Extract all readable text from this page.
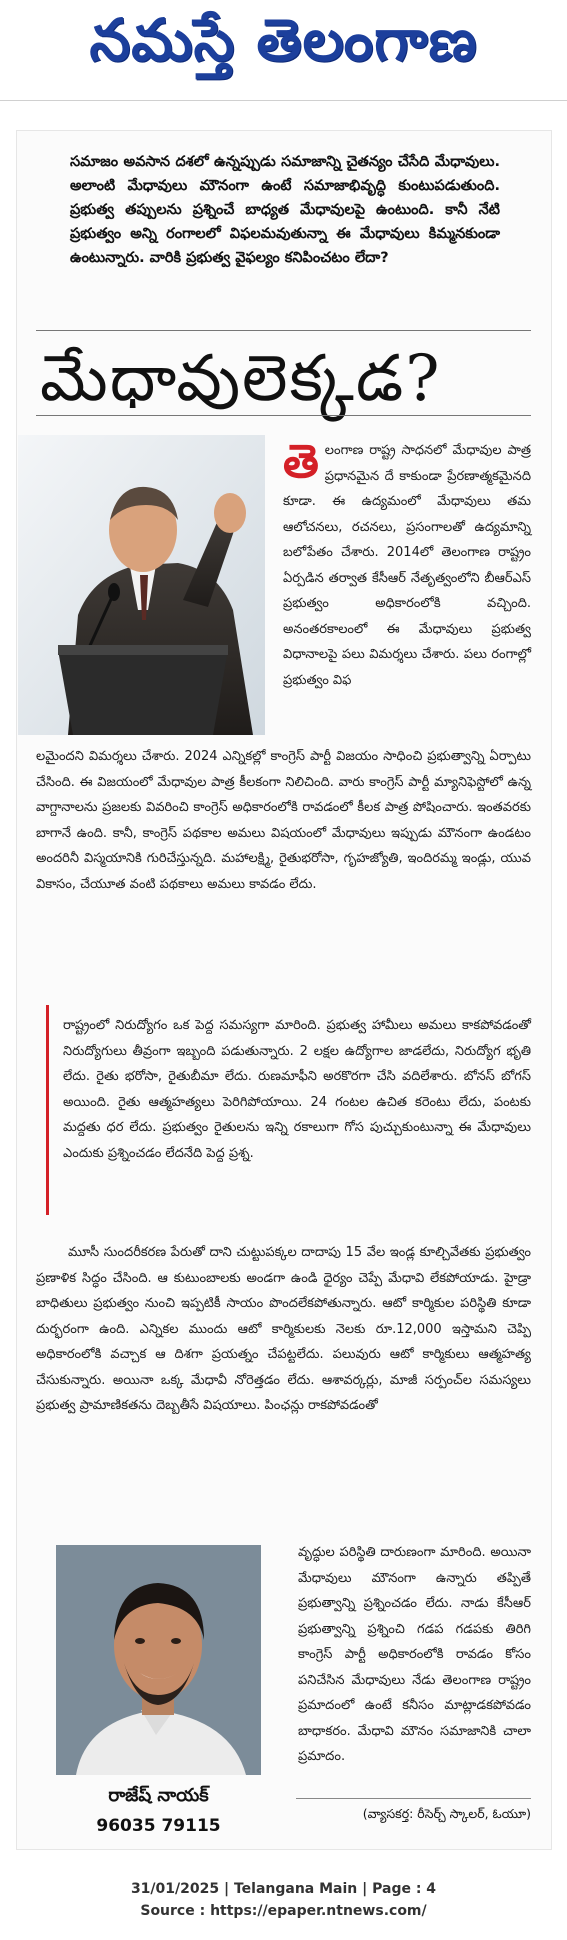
నమస్తే తెలంగాణ
సమాజం అవసాన దశలో ఉన్నప్పుడు సమాజాన్ని చైతన్యం చేసేది మేధావులు. అలాంటి మేధావులు మౌనంగా ఉంటే సమాజాభివృద్ధి కుంటుపడుతుంది. ప్రభుత్వ తప్పులను ప్రశ్నించే బాధ్యత మేధావులపై ఉంటుంది. కానీ నేటి ప్రభుత్వం అన్ని రంగాలలో విఫలమవుతున్నా ఈ మేధావులు కిమ్మనకుండా ఉంటున్నారు. వారికి ప్రభుత్వ వైఫల్యం కనిపించటం లేదా?
మేధావులెక్కడ?
తె లంగాణ రాష్ట్ర సాధనలో మేధావుల పాత్ర ప్రధానమైన దే కాకుండా ప్రేరణాత్మకమైనది కూడా. ఈ ఉద్యమంలో మేధావులు తమ ఆలోచనలు, రచనలు, ప్రసంగాలతో ఉద్యమాన్ని బలోపేతం చేశారు. 2014లో తెలంగాణ రాష్ట్రం ఏర్పడిన తర్వాత కేసీఆర్ నేతృత్వంలోని బీఆర్ఎస్ ప్రభుత్వం అధికారంలోకి వచ్చింది. అనంతరకాలంలో ఈ మేధావులు ప్రభుత్వ విధానాలపై పలు విమర్శలు చేశారు. పలు రంగాల్లో ప్రభుత్వం విఫ
లమైందని విమర్శలు చేశారు. 2024 ఎన్నికల్లో కాంగ్రెస్ పార్టీ విజయం సాధించి ప్రభుత్వాన్ని ఏర్పాటు చేసింది. ఈ విజయంలో మేధావుల పాత్ర కీలకంగా నిలిచింది. వారు కాంగ్రెస్ పార్టీ మ్యానిఫెస్టోలో ఉన్న వాగ్దానాలను ప్రజలకు వివరించి కాంగ్రెస్ అధికారంలోకి రావడంలో కీలక పాత్ర పోషించారు. ఇంతవరకు బాగానే ఉంది. కానీ, కాంగ్రెస్ పథకాల అమలు విషయంలో మేధావులు ఇప్పుడు మౌనంగా ఉండటం అందరినీ విస్మయానికి గురిచేస్తున్నది. మహాలక్ష్మి, రైతుభరోసా, గృహజ్యోతి, ఇందిరమ్మ ఇండ్లు, యువ వికాసం, చేయూత వంటి పథకాలు అమలు కావడం లేదు.

రాష్ట్రంలో నిరుద్యోగం ఒక పెద్ద సమస్యగా మారింది. ప్రభుత్వ హామీలు అమలు కాకపోవడంతో నిరుద్యోగులు తీవ్రంగా ఇబ్బంది పడుతున్నారు. 2 లక్షల ఉద్యోగాల జాడలేదు, నిరుద్యోగ భృతి లేదు. రైతు భరోసా, రైతుబీమా లేదు. రుణమాఫీని అరకొరగా చేసి వదిలేశారు. బోనస్ బోగస్ అయింది. రైతు ఆత్మహత్యలు పెరిగిపోయాయి. 24 గంటల ఉచిత కరెంటు లేదు, పంటకు మద్దతు ధర లేదు. ప్రభుత్వం రైతులను ఇన్ని రకాలుగా గోస పుచ్చుకుంటున్నా ఈ మేధావులు ఎందుకు ప్రశ్నించడం లేదనేది పెద్ద ప్రశ్న.

మూసీ సుందరీకరణ పేరుతో దాని చుట్టుపక్కల దాదాపు 15 వేల ఇండ్ల కూల్చివేతకు ప్రభుత్వం ప్రణాళిక సిద్ధం చేసింది. ఆ కుటుంబాలకు అండగా ఉండి ధైర్యం చెప్పే మేధావి లేకపోయాడు. హైడ్రా బాధితులు ప్రభుత్వం నుంచి ఇప్పటికీ సాయం పొందలేకపోతున్నారు. ఆటో కార్మికుల పరిస్థితి కూడా దుర్భరంగా ఉంది. ఎన్నికల ముందు ఆటో కార్మికులకు నెలకు రూ.12,000 ఇస్తామని చెప్పి అధికారంలోకి వచ్చాక ఆ దిశగా ప్రయత్నం చేపట్టలేదు. పలువురు ఆటో కార్మికులు ఆత్మహత్య చేసుకున్నారు. అయినా ఒక్క మేధావీ నోరెత్తడం లేదు. ఆశావర్కర్లు, మాజీ సర్పంచ్‌ల సమస్యలు ప్రభుత్వ ప్రామాణికతను దెబ్బతీసే విషయాలు. పింఛన్లు రాకపోవడంతో
వృద్ధుల పరిస్థితి దారుణంగా మారింది. అయినా మేధావులు మౌనంగా ఉన్నారు తప్పితే ప్రభుత్వాన్ని ప్రశ్నించడం లేదు. నాడు కేసీఆర్ ప్రభుత్వాన్ని ప్రశ్నించి గడప గడపకు తిరిగి కాంగ్రెస్ పార్టీ అధికారంలోకి రావడం కోసం పనిచేసిన మేధావులు నేడు తెలంగాణ రాష్ట్రం ప్రమాదంలో ఉంటే కనీసం మాట్లాడకపోవడం బాధాకరం. మేధావి మౌనం సమాజానికి చాలా ప్రమాదం.
రాజేష్ నాయక్
96035 79115
(వ్యాసకర్త: రీసెర్చ్ స్కాలర్, ఓయూ)
31/01/2025 | Telangana Main | Page : 4
Source : https://epaper.ntnews.com/
